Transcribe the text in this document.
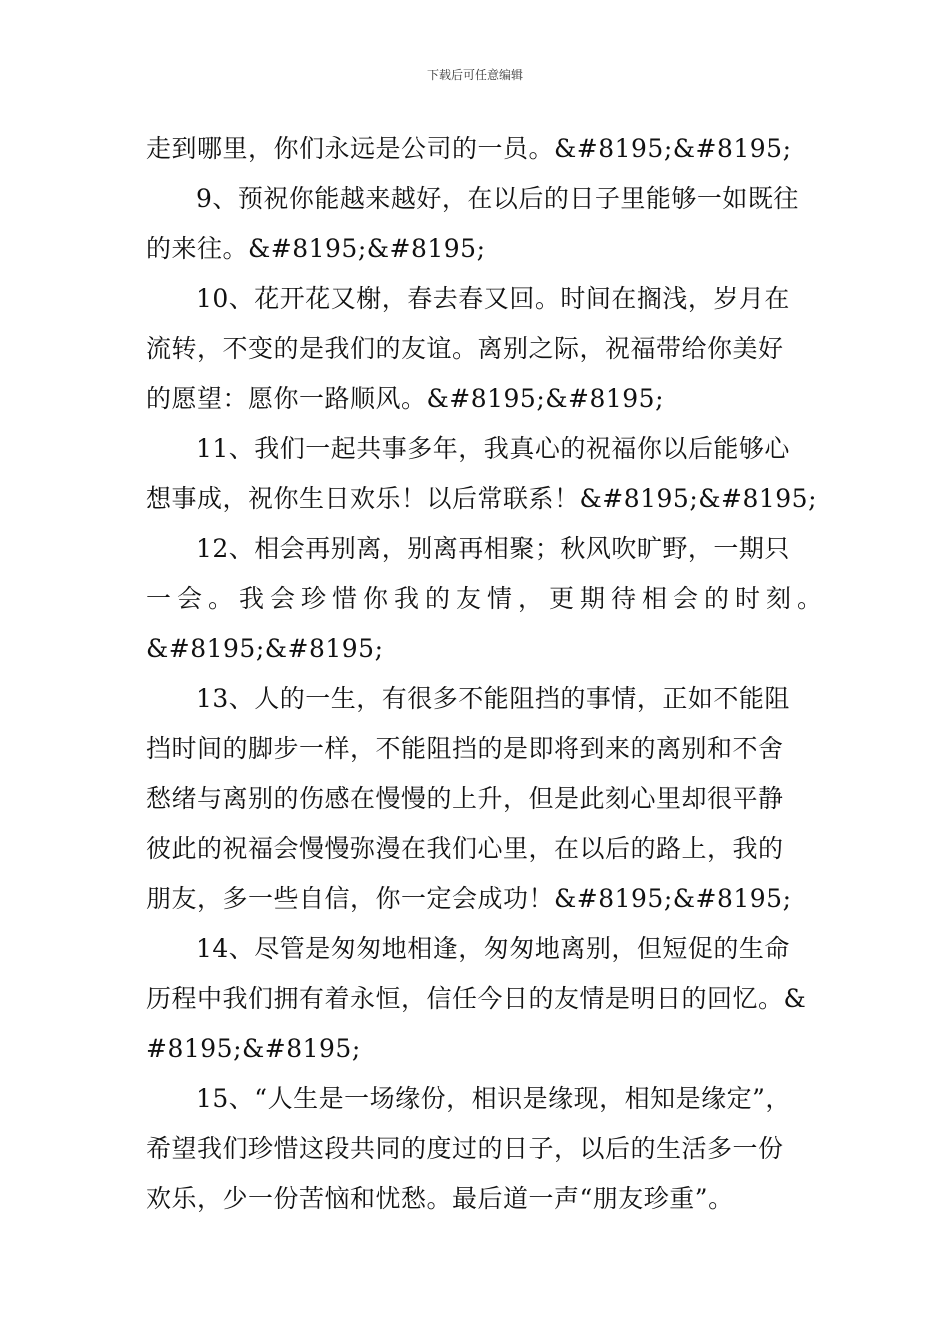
下载后可任意编辑
走到哪里，你们永远是公司的一员。&#8195;&#8195;
9、预祝你能越来越好，在以后的日子里能够一如既往
的来往。&#8195;&#8195;
10、花开花又榭，春去春又回。时间在搁浅，岁月在
流转，不变的是我们的友谊。离别之际，祝福带给你美好
的愿望：愿你一路顺风。&#8195;&#8195;
11、我们一起共事多年，我真心的祝福你以后能够心
想事成，祝你生日欢乐！以后常联系！&#8195;&#8195;
12、相会再别离，别离再相聚；秋风吹旷野，一期只
一会。我会珍惜你我的友情，更期待相会的时刻。
&#8195;&#8195;
13、人的一生，有很多不能阻挡的事情，正如不能阻
挡时间的脚步一样，不能阻挡的是即将到来的离别和不舍
愁绪与离别的伤感在慢慢的上升，但是此刻心里却很平静
彼此的祝福会慢慢弥漫在我们心里，在以后的路上，我的
朋友，多一些自信，你一定会成功！&#8195;&#8195;
14、尽管是匆匆地相逢，匆匆地离别，但短促的生命
历程中我们拥有着永恒，信任今日的友情是明日的回忆。&
#8195;&#8195;
15、“人生是一场缘份，相识是缘现，相知是缘定”，
希望我们珍惜这段共同的度过的日子，以后的生活多一份
欢乐，少一份苦恼和忧愁。最后道一声“朋友珍重”。
